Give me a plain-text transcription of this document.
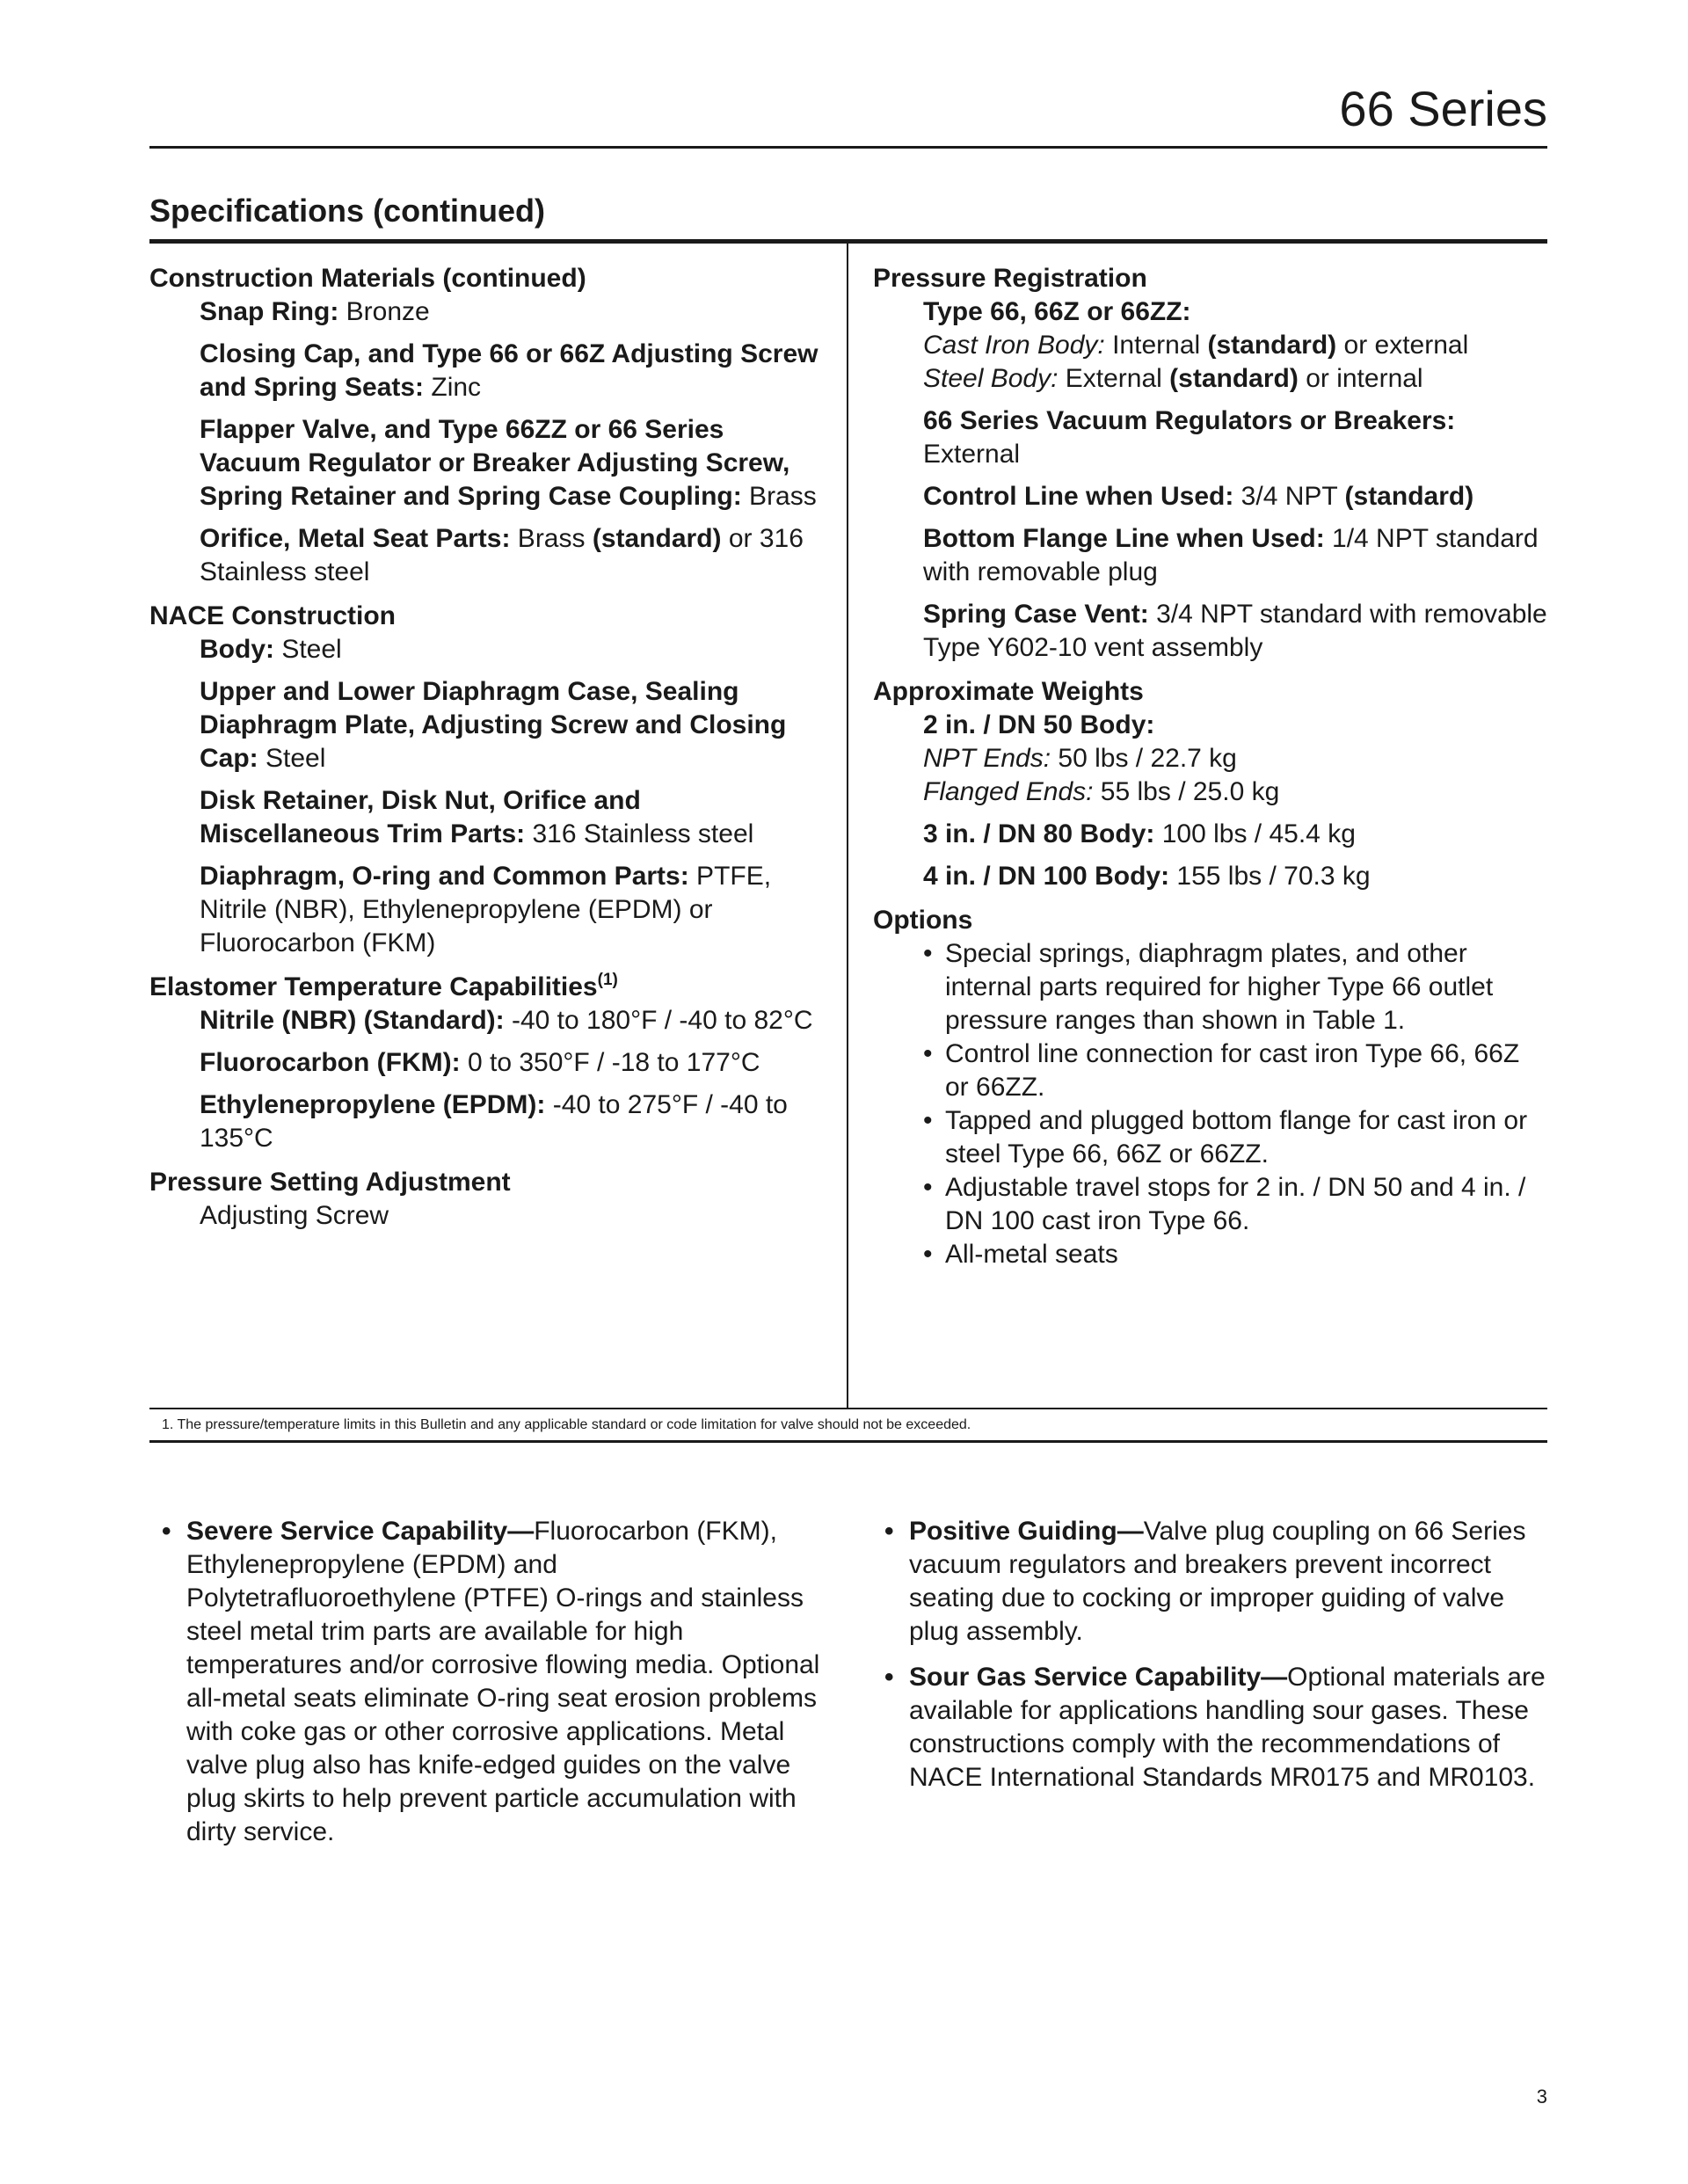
66 Series
Specifications (continued)

Construction Materials (continued)

Snap Ring: Bronze
Closing Cap, and Type 66 or 66Z Adjusting Screw and Spring Seats: Zinc
Flapper Valve, and Type 66ZZ or 66 Series Vacuum Regulator or Breaker Adjusting Screw, Spring Retainer and Spring Case Coupling: Brass
Orifice, Metal Seat Parts: Brass (standard) or 316 Stainless steel

NACE Construction

Body: Steel
Upper and Lower Diaphragm Case, Sealing Diaphragm Plate, Adjusting Screw and Closing Cap: Steel
Disk Retainer, Disk Nut, Orifice and Miscellaneous Trim Parts: 316 Stainless steel
Diaphragm, O-ring and Common Parts: PTFE, Nitrile (NBR), Ethylenepropylene (EPDM) or Fluorocarbon (FKM)

Elastomer Temperature Capabilities$^{(1)}$

Nitrile (NBR) (Standard): -40 to 180°F / -40 to 82°C
Fluorocarbon (FKM): 0 to 350°F / -18 to 177°C
Ethylenepropylene (EPDM): -40 to 275°F / -40 to 135°C

Pressure Setting Adjustment

Adjusting Screw

Pressure Registration

Type 66, 66Z or 66ZZ:
Cast Iron Body: Internal (standard) or external
Steel Body: External (standard) or internal
66 Series Vacuum Regulators or Breakers:
External
Control Line when Used: 3/4 NPT (standard)
Bottom Flange Line when Used: 1/4 NPT standard with removable plug
Spring Case Vent: 3/4 NPT standard with removable Type Y602-10 vent assembly

Approximate Weights

2 in. / DN 50 Body:
NPT Ends: 50 lbs / 22.7 kg
Flanged Ends: 55 lbs / 25.0 kg
3 in. / DN 80 Body: 100 lbs / 45.4 kg
4 in. / DN 100 Body: 155 lbs / 70.3 kg

Options

• Special springs, diaphragm plates, and other internal parts required for higher Type 66 outlet pressure ranges than shown in Table 1.
• Control line connection for cast iron Type 66, 66Z or 66ZZ.
• Tapped and plugged bottom flange for cast iron or steel Type 66, 66Z or 66ZZ.
• Adjustable travel stops for 2 in. / DN 50 and 4 in. / DN 100 cast iron Type 66.
• All-metal seats
1. The pressure/temperature limits in this Bulletin and any applicable standard or code limitation for valve should not be exceeded.
• Severe Service Capability—Fluorocarbon (FKM), Ethylenepropylene (EPDM) and Polytetrafluoroethylene (PTFE) O-rings and stainless steel metal trim parts are available for high temperatures and/or corrosive flowing media. Optional all-metal seats eliminate O-ring seat erosion problems with coke gas or other corrosive applications. Metal valve plug also has knife-edged guides on the valve plug skirts to help prevent particle accumulation with dirty service.
• Positive Guiding—Valve plug coupling on 66 Series vacuum regulators and breakers prevent incorrect seating due to cocking or improper guiding of valve plug assembly.
• Sour Gas Service Capability—Optional materials are available for applications handling sour gases. These constructions comply with the recommendations of NACE International Standards MR0175 and MR0103.
3
